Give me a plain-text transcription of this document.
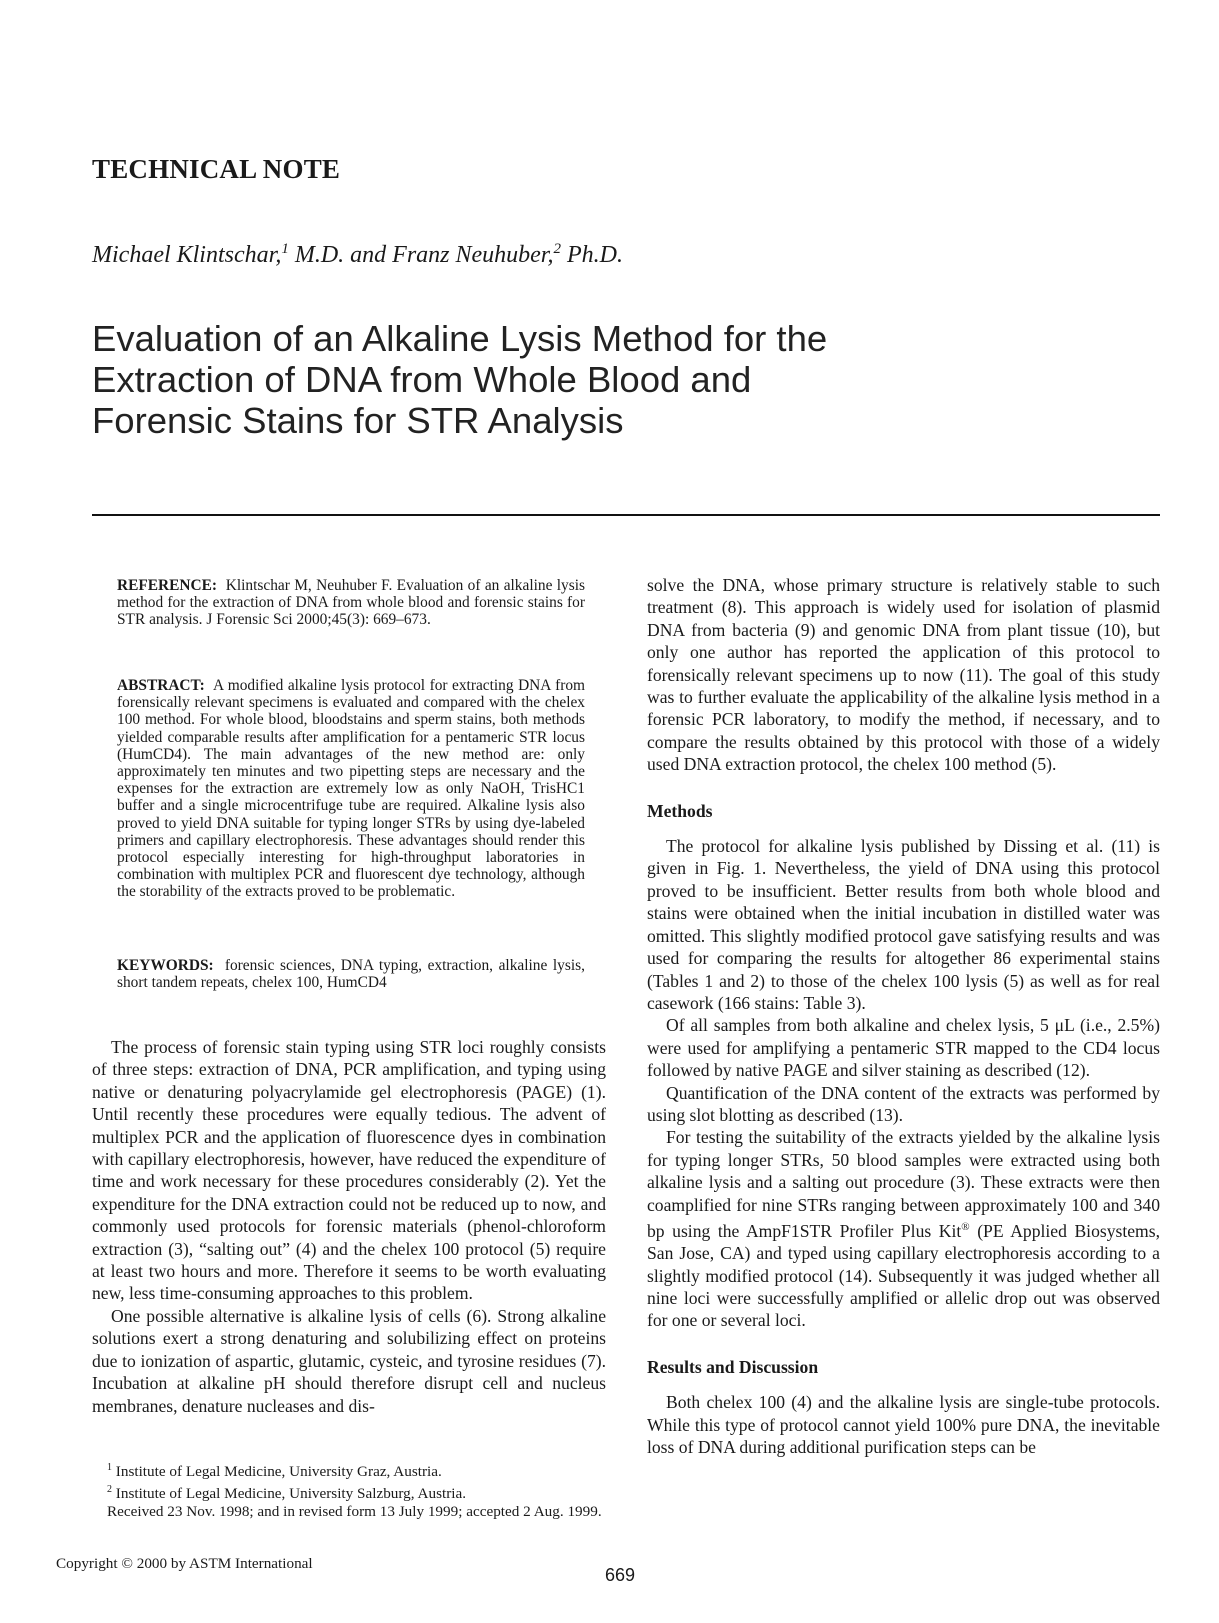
TECHNICAL NOTE
Michael Klintschar,$^1$ M.D. and Franz Neuhuber,$^2$ Ph.D.
Evaluation of an Alkaline Lysis Method for the
Extraction of DNA from Whole Blood and
Forensic Stains for STR Analysis
REFERENCE: Klintschar M, Neuhuber F. Evaluation of an alkaline lysis method for the extraction of DNA from whole blood and forensic stains for STR analysis. J Forensic Sci 2000;45(3): 669–673.
ABSTRACT: A modified alkaline lysis protocol for extracting DNA from forensically relevant specimens is evaluated and compared with the chelex 100 method. For whole blood, bloodstains and sperm stains, both methods yielded comparable results after amplification for a pentameric STR locus (HumCD4). The main advantages of the new method are: only approximately ten minutes and two pipetting steps are necessary and the expenses for the extraction are extremely low as only NaOH, TrisHC1 buffer and a single microcentrifuge tube are required. Alkaline lysis also proved to yield DNA suitable for typing longer STRs by using dye-labeled primers and capillary electrophoresis. These advantages should render this protocol especially interesting for high-throughput laboratories in combination with multiplex PCR and fluorescent dye technology, although the storability of the extracts proved to be problematic.
KEYWORDS: forensic sciences, DNA typing, extraction, alkaline lysis, short tandem repeats, chelex 100, HumCD4

The process of forensic stain typing using STR loci roughly consists of three steps: extraction of DNA, PCR amplification, and typing using native or denaturing polyacrylamide gel electrophoresis (PAGE) (1). Until recently these procedures were equally tedious. The advent of multiplex PCR and the application of fluorescence dyes in combination with capillary electrophoresis, however, have reduced the expenditure of time and work necessary for these procedures considerably (2). Yet the expenditure for the DNA extraction could not be reduced up to now, and commonly used protocols for forensic materials (phenol-chloroform extraction (3), “salting out” (4) and the chelex 100 protocol (5) require at least two hours and more. Therefore it seems to be worth evaluating new, less time-consuming approaches to this problem.

One possible alternative is alkaline lysis of cells (6). Strong alkaline solutions exert a strong denaturing and solubilizing effect on proteins due to ionization of aspartic, glutamic, cysteic, and tyrosine residues (7). Incubation at alkaline pH should therefore disrupt cell and nucleus membranes, denature nucleases and dis-

solve the DNA, whose primary structure is relatively stable to such treatment (8). This approach is widely used for isolation of plasmid DNA from bacteria (9) and genomic DNA from plant tissue (10), but only one author has reported the application of this protocol to forensically relevant specimens up to now (11). The goal of this study was to further evaluate the applicability of the alkaline lysis method in a forensic PCR laboratory, to modify the method, if necessary, and to compare the results obtained by this protocol with those of a widely used DNA extraction protocol, the chelex 100 method (5).

Methods

The protocol for alkaline lysis published by Dissing et al. (11) is given in Fig. 1. Nevertheless, the yield of DNA using this protocol proved to be insufficient. Better results from both whole blood and stains were obtained when the initial incubation in distilled water was omitted. This slightly modified protocol gave satisfying results and was used for comparing the results for altogether 86 experimental stains (Tables 1 and 2) to those of the chelex 100 lysis (5) as well as for real casework (166 stains: Table 3).

Of all samples from both alkaline and chelex lysis, 5 μL (i.e., 2.5%) were used for amplifying a pentameric STR mapped to the CD4 locus followed by native PAGE and silver staining as described (12).

Quantification of the DNA content of the extracts was performed by using slot blotting as described (13).

For testing the suitability of the extracts yielded by the alkaline lysis for typing longer STRs, 50 blood samples were extracted using both alkaline lysis and a salting out procedure (3). These extracts were then coamplified for nine STRs ranging between approximately 100 and 340 bp using the AmpF1STR Profiler Plus Kit® (PE Applied Biosystems, San Jose, CA) and typed using capillary electrophoresis according to a slightly modified protocol (14). Subsequently it was judged whether all nine loci were successfully amplified or allelic drop out was observed for one or several loci.

Results and Discussion

Both chelex 100 (4) and the alkaline lysis are single-tube protocols. While this type of protocol cannot yield 100% pure DNA, the inevitable loss of DNA during additional purification steps can be

$^1$ Institute of Legal Medicine, University Graz, Austria.
$^2$ Institute of Legal Medicine, University Salzburg, Austria.
Received 23 Nov. 1998; and in revised form 13 July 1999; accepted 2 Aug. 1999.
Copyright © 2000 by ASTM International
669
